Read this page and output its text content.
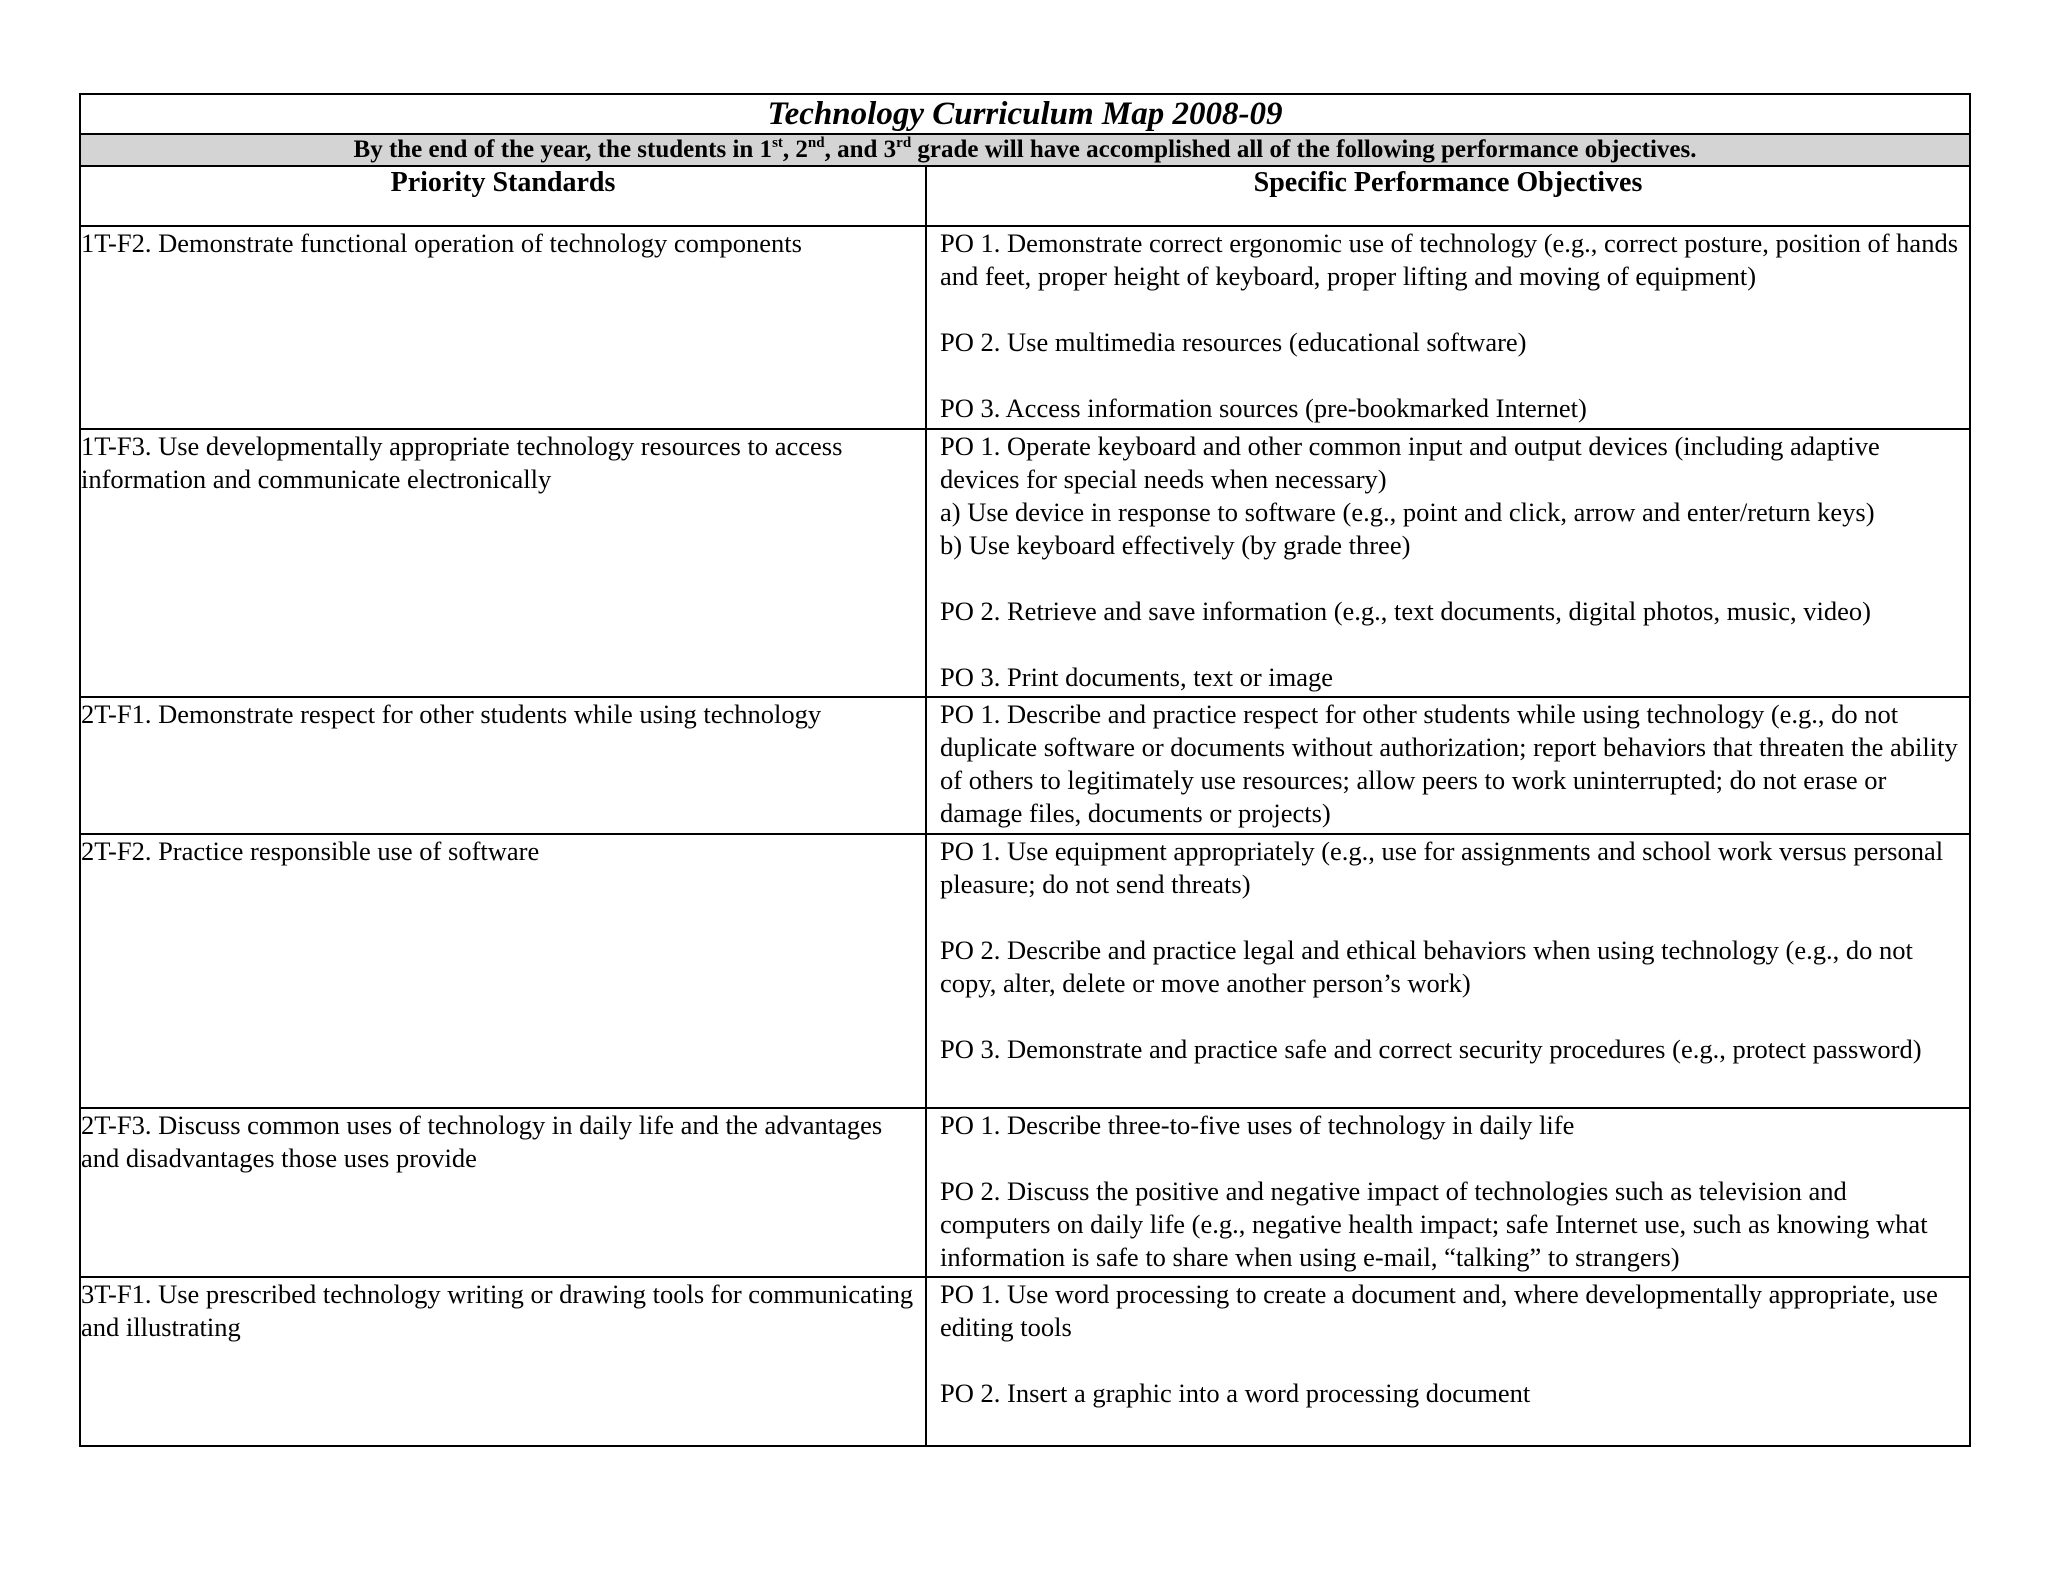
Technology Curriculum Map 2008-09	
By the end of the year, the students in 1st, 2nd, and 3rd grade will have accomplished all of the following performance objectives.	
Priority Standards	Specific Performance Objectives
1T-F2. Demonstrate functional operation of technology components	PO 1. Demonstrate correct ergonomic use of technology (e.g., correct posture, position of hands and feet, proper height of keyboard, proper lifting and moving of equipment)

PO 2. Use multimedia resources (educational software)

PO 3. Access information sources (pre-bookmarked Internet)

1T-F3. Use developmentally appropriate technology resources to access information and communicate electronically	PO 1. Operate keyboard and other common input and output devices (including adaptive devices for special needs when necessary)
a) Use device in response to software (e.g., point and click, arrow and enter/return keys)
b) Use keyboard effectively (by grade three)

PO 2. Retrieve and save information (e.g., text documents, digital photos, music, video)

PO 3. Print documents, text or image

2T-F1. Demonstrate respect for other students while using technology	PO 1. Describe and practice respect for other students while using technology (e.g., do not duplicate software or documents without authorization; report behaviors that threaten the ability of others to legitimately use resources; allow peers to work uninterrupted; do not erase or damage files, documents or projects)

2T-F2. Practice responsible use of software	PO 1. Use equipment appropriately (e.g., use for assignments and school work versus personal pleasure; do not send threats)

PO 2. Describe and practice legal and ethical behaviors when using technology (e.g., do not copy, alter, delete or move another person’s work)

PO 3. Demonstrate and practice safe and correct security procedures (e.g., protect password)

2T-F3. Discuss common uses of technology in daily life and the advantages and disadvantages those uses provide	PO 1. Describe three-to-five uses of technology in daily life

PO 2. Discuss the positive and negative impact of technologies such as television and computers on daily life (e.g., negative health impact; safe Internet use, such as knowing what information is safe to share when using e-mail, “talking” to strangers)

3T-F1. Use prescribed technology writing or drawing tools for communicating and illustrating	PO 1. Use word processing to create a document and, where developmentally appropriate, use editing tools

PO 2. Insert a graphic into a word processing document
